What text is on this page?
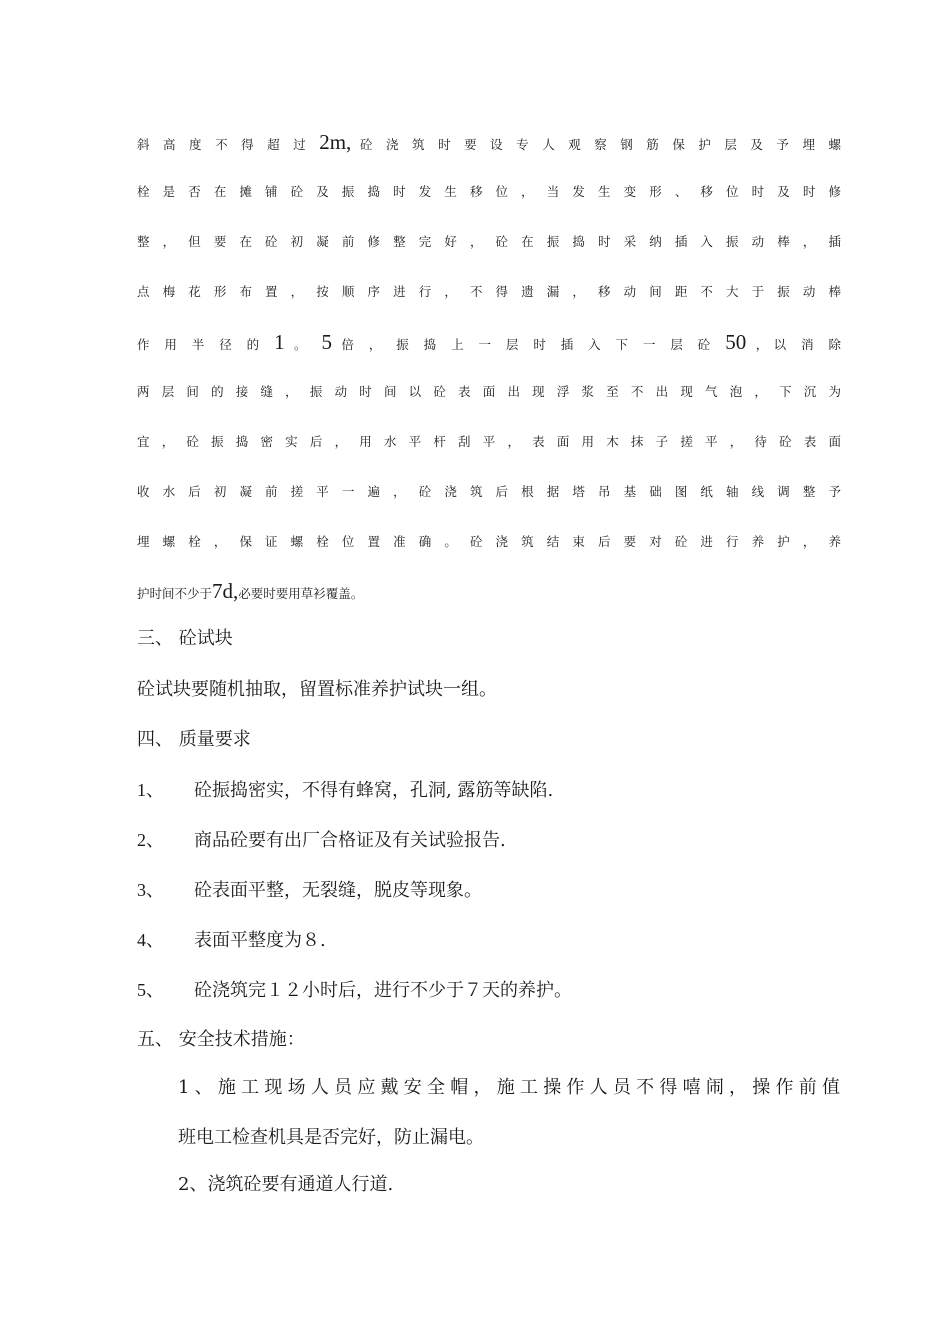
斜 高 度 不 得 超 过 2m, 砼 浇 筑 时 要 设 专 人 观 察 钢 筋 保 护 层 及 予 埋 螺
栓 是 否 在 摊 铺 砼 及 振 捣 时 发 生 移 位 ， 当 发 生 变 形 、 移 位 时 及 时 修
整 ， 但 要 在 砼 初 凝 前 修 整 完 好 ， 砼 在 振 捣 时 采 纳 插 入 振 动 棒 ， 插
点 梅 花 形 布 置 ， 按 顺 序 进 行 ， 不 得 遗 漏 ， 移 动 间 距 不 大 于 振 动 棒
作 用 半 径 的 1 。 5 倍 ， 振 捣 上 一 层 时 插 入 下 一 层 砼 50 ，以 消 除
两 层 间 的 接 缝 ， 振 动 时 间 以 砼 表 面 出 现 浮 浆 至 不 出 现 气 泡 ， 下 沉 为
宜 ， 砼 振 捣 密 实 后 ， 用 水 平 杆 刮 平 ， 表 面 用 木 抹 子 搓 平 ， 待 砼 表 面
收 水 后 初 凝 前 搓 平 一 遍 ， 砼 浇 筑 后 根 据 塔 吊 基 础 图 纸 轴 线 调 整 予
埋 螺 栓 ， 保 证 螺 栓 位 置 准 确 。 砼 浇 筑 结 束 后 要 对 砼 进 行 养 护 ， 养
护时间不少于7d,必要时要用草衫覆盖。
三、 砼试块
砼试块要随机抽取，留置标准养护试块一组。
四、 质量要求
1、 砼振捣密实，不得有蜂窝，孔洞, 露筋等缺陷.
2、 商品砼要有出厂合格证及有关试验报告.
3、 砼表面平整，无裂缝，脱皮等现象。
4、 表面平整度为８.
5、 砼浇筑完１２小时后，进行不少于７天的养护。
五、 安全技术措施：
1、施工现场人员应戴安全帽，施工操作人员不得嘻闹，操作前值
班电工检查机具是否完好，防止漏电。
2、浇筑砼要有通道人行道.
